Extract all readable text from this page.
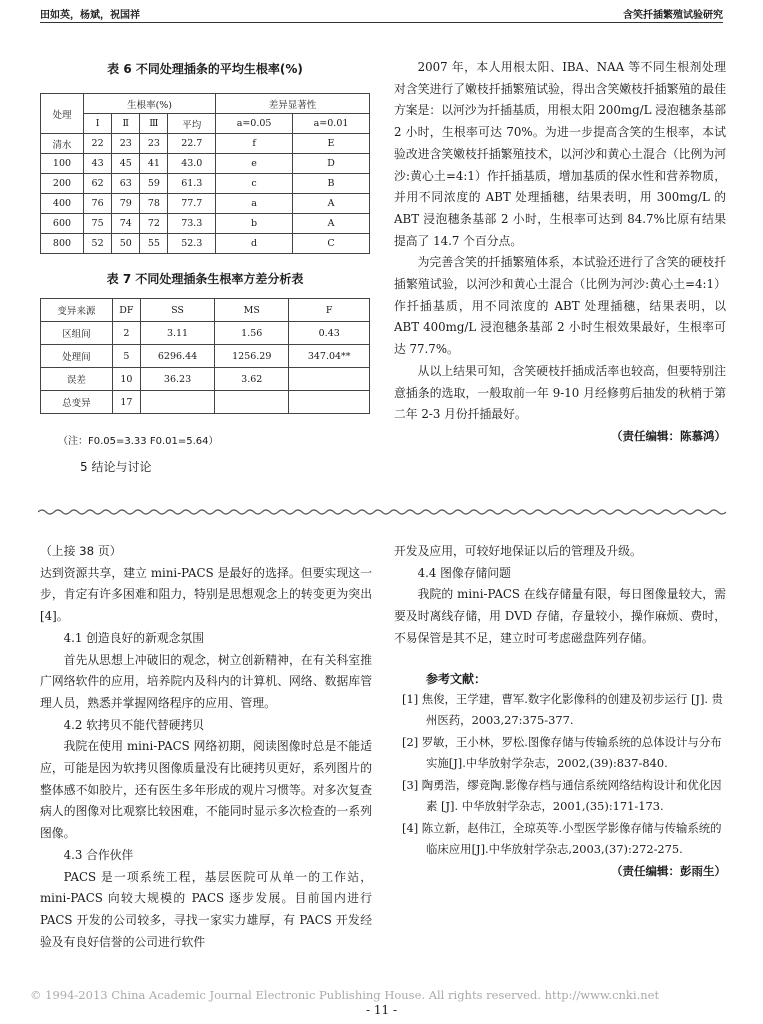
田如英，杨斌，祝国祥	含笑扦插繁殖试验研究
表 6 不同处理插条的平均生根率(%)
处理	生根率(%)				差异显著性	
	Ⅰ	Ⅱ	Ⅲ	平均	a=0.05	a=0.01
清水	22	23	23	22.7	f	E
100	43	45	41	43.0	e	D
200	62	63	59	61.3	c	B
400	76	79	78	77.7	a	A
600	75	74	72	73.3	b	A
800	52	50	55	52.3	d	C
表 7 不同处理插条生根率方差分析表
变异来源	DF	SS	MS	F
区组间	2	3.11	1.56	0.43
处理间	5	6296.44	1256.29	347.04**
误差	10	36.23	3.62	
总变异	17			
（注：F0.05=3.33 F0.01=5.64）
5 结论与讨论

2007 年，本人用根太阳、IBA、NAA 等不同生根剂处理对含笑进行了嫩枝扦插繁殖试验，得出含笑嫩枝扦插繁殖的最佳方案是：以河沙为扦插基质，用根太阳 200mg/L 浸泡穗条基部 2 小时，生根率可达 70%。为进一步提高含笑的生根率，本试验改进含笑嫩枝扦插繁殖技术，以河沙和黄心土混合（比例为河沙:黄心土=4:1）作扦插基质，增加基质的保水性和营养物质，并用不同浓度的 ABT 处理插穗，结果表明，用 300mg/L 的 ABT 浸泡穗条基部 2 小时，生根率可达到 84.7%比原有结果提高了 14.7 个百分点。

为完善含笑的扦插繁殖体系，本试验还进行了含笑的硬枝扦插繁殖试验，以河沙和黄心土混合（比例为河沙:黄心土=4:1）作扦插基质，用不同浓度的 ABT 处理插穗，结果表明，以 ABT 400mg/L 浸泡穗条基部 2 小时生根效果最好，生根率可达 77.7%。

从以上结果可知，含笑硬枝扦插成活率也较高，但要特别注意插条的选取，一般取前一年 9-10 月经修剪后抽发的秋梢于第二年 2-3 月份扦插最好。

（责任编辑：陈慕鸿）

（上接 38 页）

达到资源共享，建立 mini-PACS 是最好的选择。但要实现这一步，肯定有许多困难和阻力，特别是思想观念上的转变更为突出[4]。

4.1 创造良好的新观念氛围

首先从思想上冲破旧的观念，树立创新精神，在有关科室推广网络软件的应用，培养院内及科内的计算机、网络、数据库管理人员，熟悉并掌握网络程序的应用、管理。

4.2 软拷贝不能代替硬拷贝

我院在使用 mini-PACS 网络初期，阅读图像时总是不能适应，可能是因为软拷贝图像质量没有比硬拷贝更好，系列图片的整体感不如胶片，还有医生多年形成的观片习惯等。对多次复查病人的图像对比观察比较困难，不能同时显示多次检查的一系列图像。

4.3 合作伙伴

PACS 是一项系统工程，基层医院可从单一的工作站，mini-PACS 向较大规模的 PACS 逐步发展。目前国内进行 PACS 开发的公司较多，寻找一家实力雄厚，有 PACS 开发经验及有良好信誉的公司进行软件

开发及应用，可较好地保证以后的管理及升级。

4.4 图像存储问题

我院的 mini-PACS 在线存储量有限，每日图像量较大，需要及时离线存储，用 DVD 存储，存量较小，操作麻烦、费时，不易保管是其不足，建立时可考虑磁盘阵列存储。

参考文献：

[1] 焦俊，王学建，曹军.数字化影像科的创建及初步运行 [J]. 贵州医药，2003,27:375-377.

[2] 罗敏，王小林，罗松.图像存储与传输系统的总体设计与分布实施[J].中华放射学杂志，2002,(39):837-840.

[3] 陶勇浩，缪竞陶.影像存档与通信系统网络结构设计和优化因素 [J]. 中华放射学杂志，2001,(35):171-173.

[4] 陈立新，赵伟江，全琼英等.小型医学影像存储与传输系统的临床应用[J].中华放射学杂志,2003,(37):272-275.

（责任编辑：彭雨生）
© 1994-2013 China Academic Journal Electronic Publishing House. All rights reserved. http://www.cnki.net
- 11 -
